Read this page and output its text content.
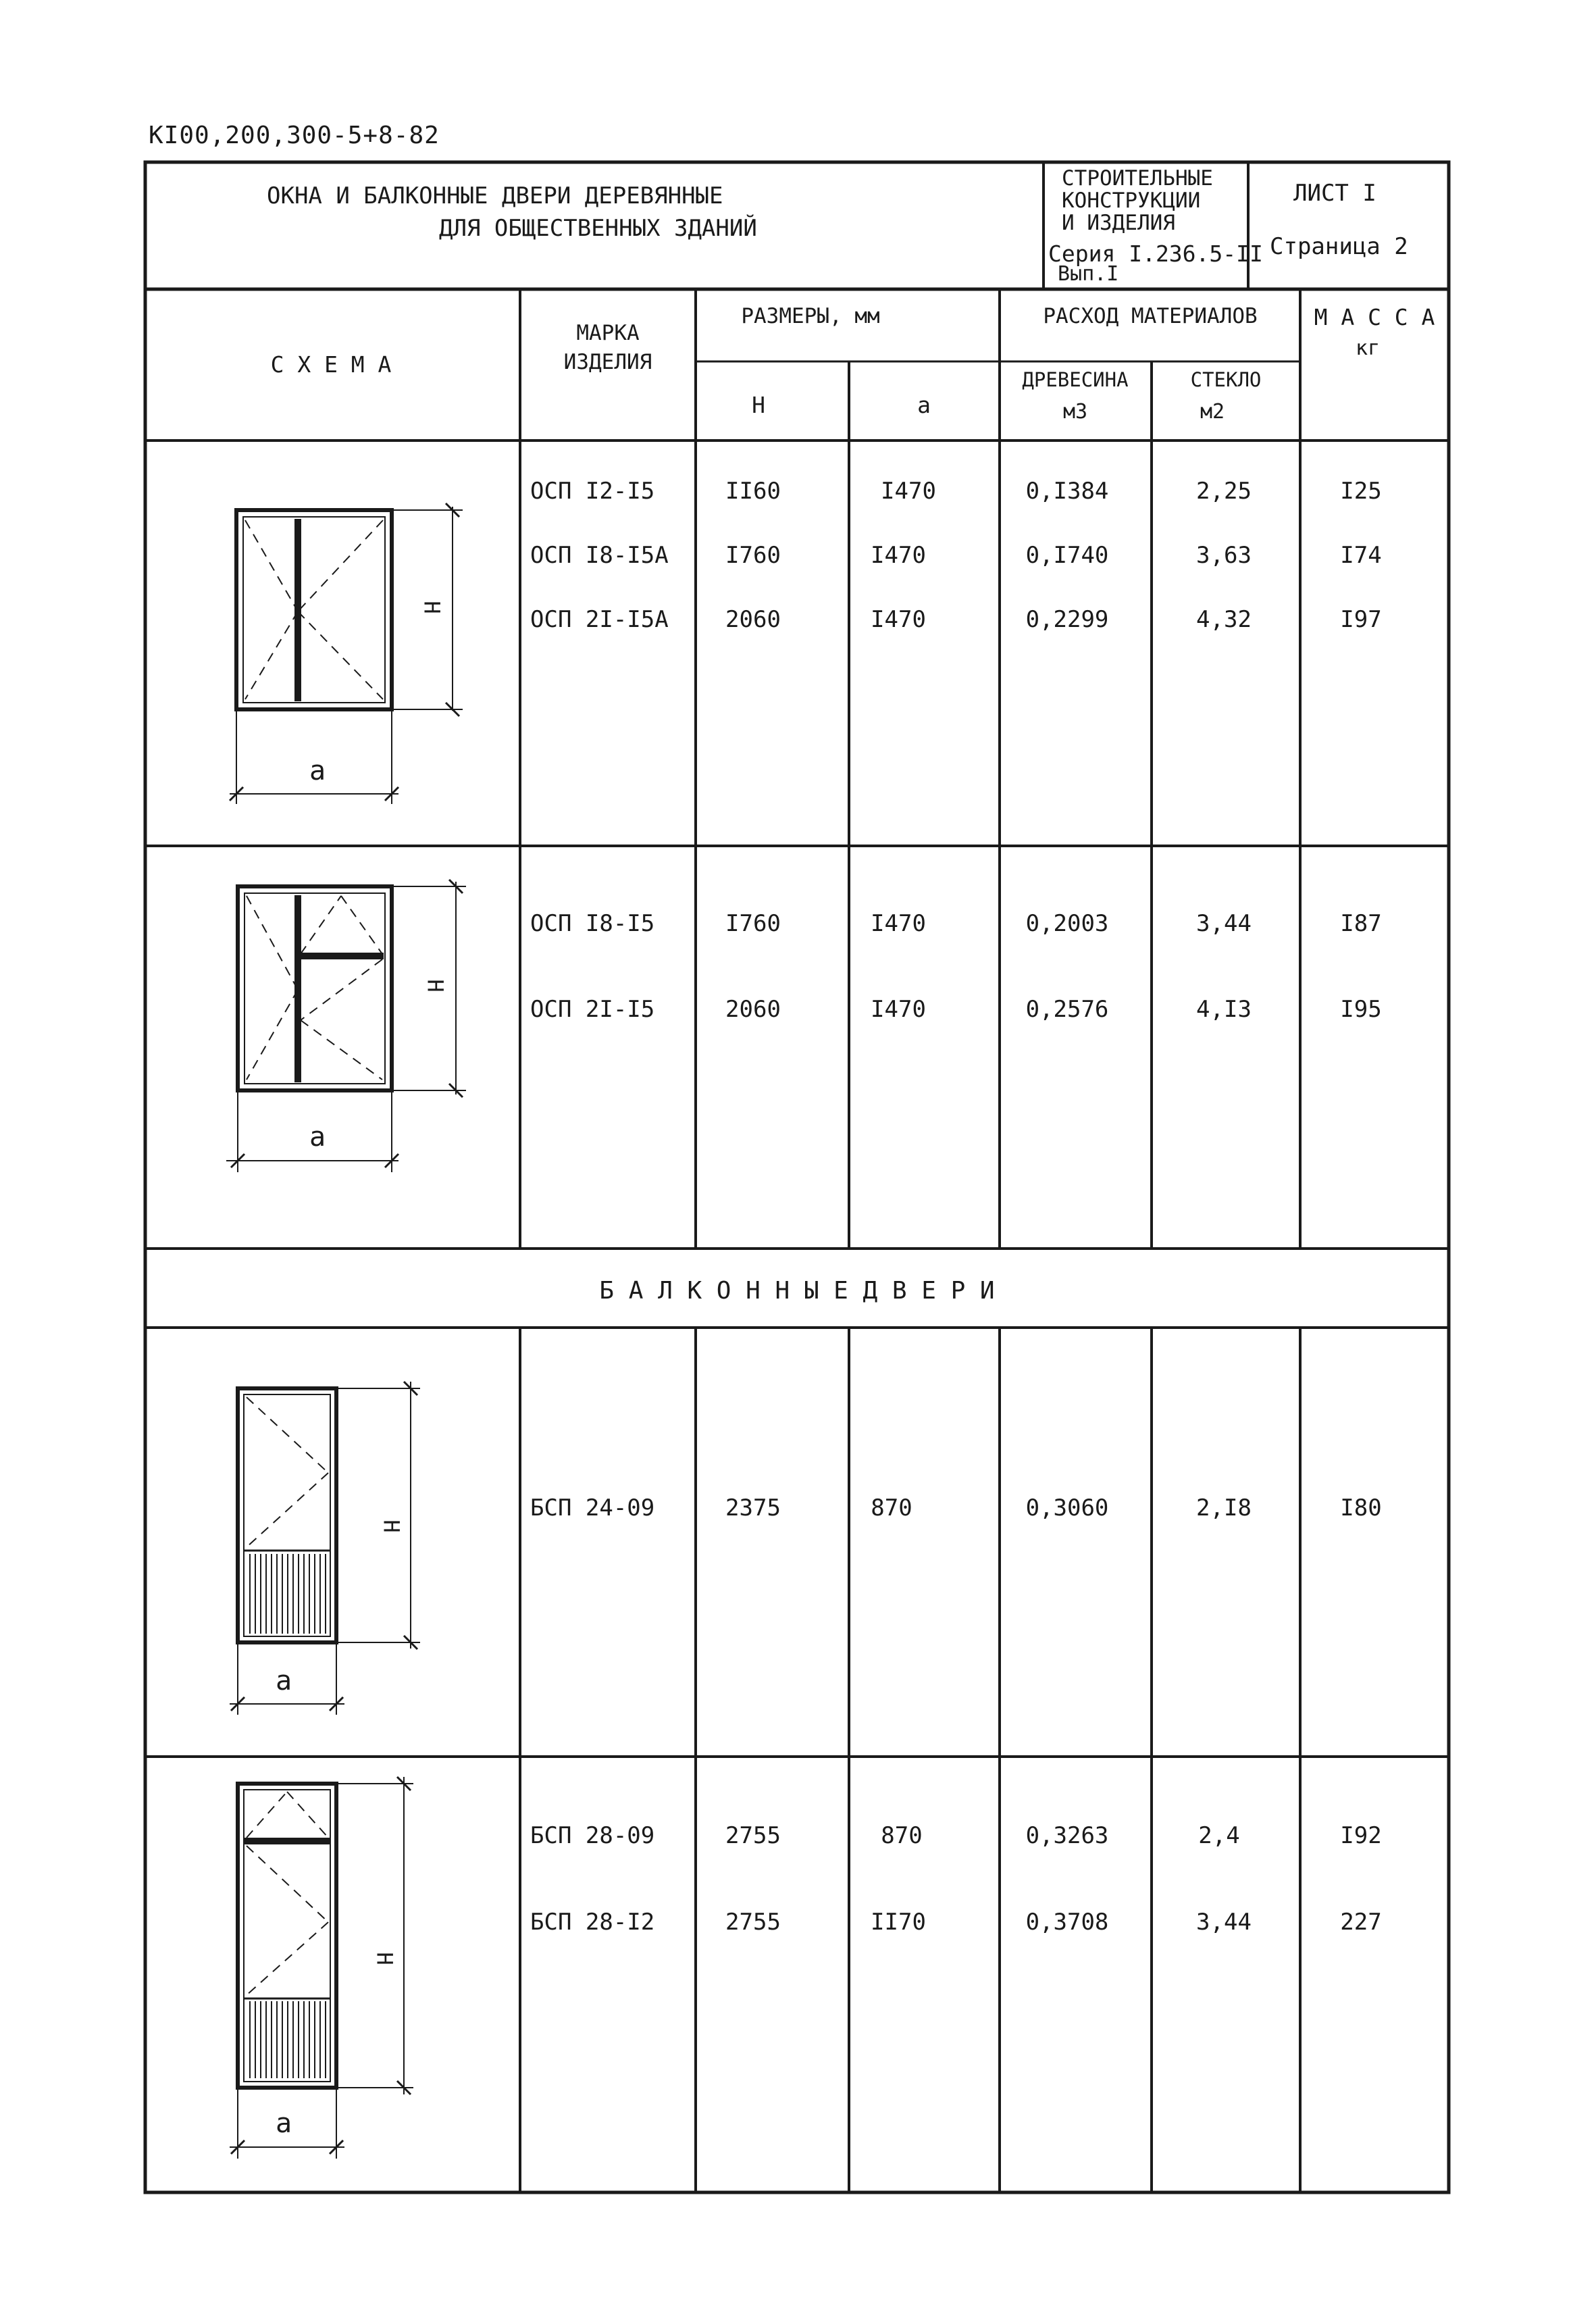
КI00,200,300-5+8-82
ОКНА И БАЛКОННЫЕ ДВЕРИ ДЕРЕВЯННЫЕ
ДЛЯ ОБЩЕСТВЕННЫХ ЗДАНИЙ
СТРОИТЕЛЬНЫЕ
КОНСТРУКЦИИ
И ИЗДЕЛИЯ
Серия I.236.5-II
Вып.I
ЛИСТ I
Страница 2
С Х Е М А
МАРКА
ИЗДЕЛИЯ
РАЗМЕРЫ, мм
Н	а
РАСХОД МАТЕРИАЛОВ
ДРЕВЕСИНА
м3
СТЕКЛО
м2
М А С С А
кг
Н
а
Н
а
Н
а
Н
а
ОСП I2-I5	II60	I470	0,I384	2,25	I25
ОСП I8-I5А I760	I470	0,I740	3,63	I74
ОСП 2I-I5А 2060	I470	0,2299	4,32	I97
ОСП I8-I5	I760	I470	0,2003	3,44	I87
ОСП 2I-I5	2060	I470	0,2576	4,I3	I95
Б А Л К О Н Н Ы Е Д В Е Р И
БСП 24-09	2375	870	0,3060	2,I8	I80
БСП 28-09	2755	870	0,3263	2,4	I92
БСП 28-I2	2755	II70	0,3708	3,44	227
